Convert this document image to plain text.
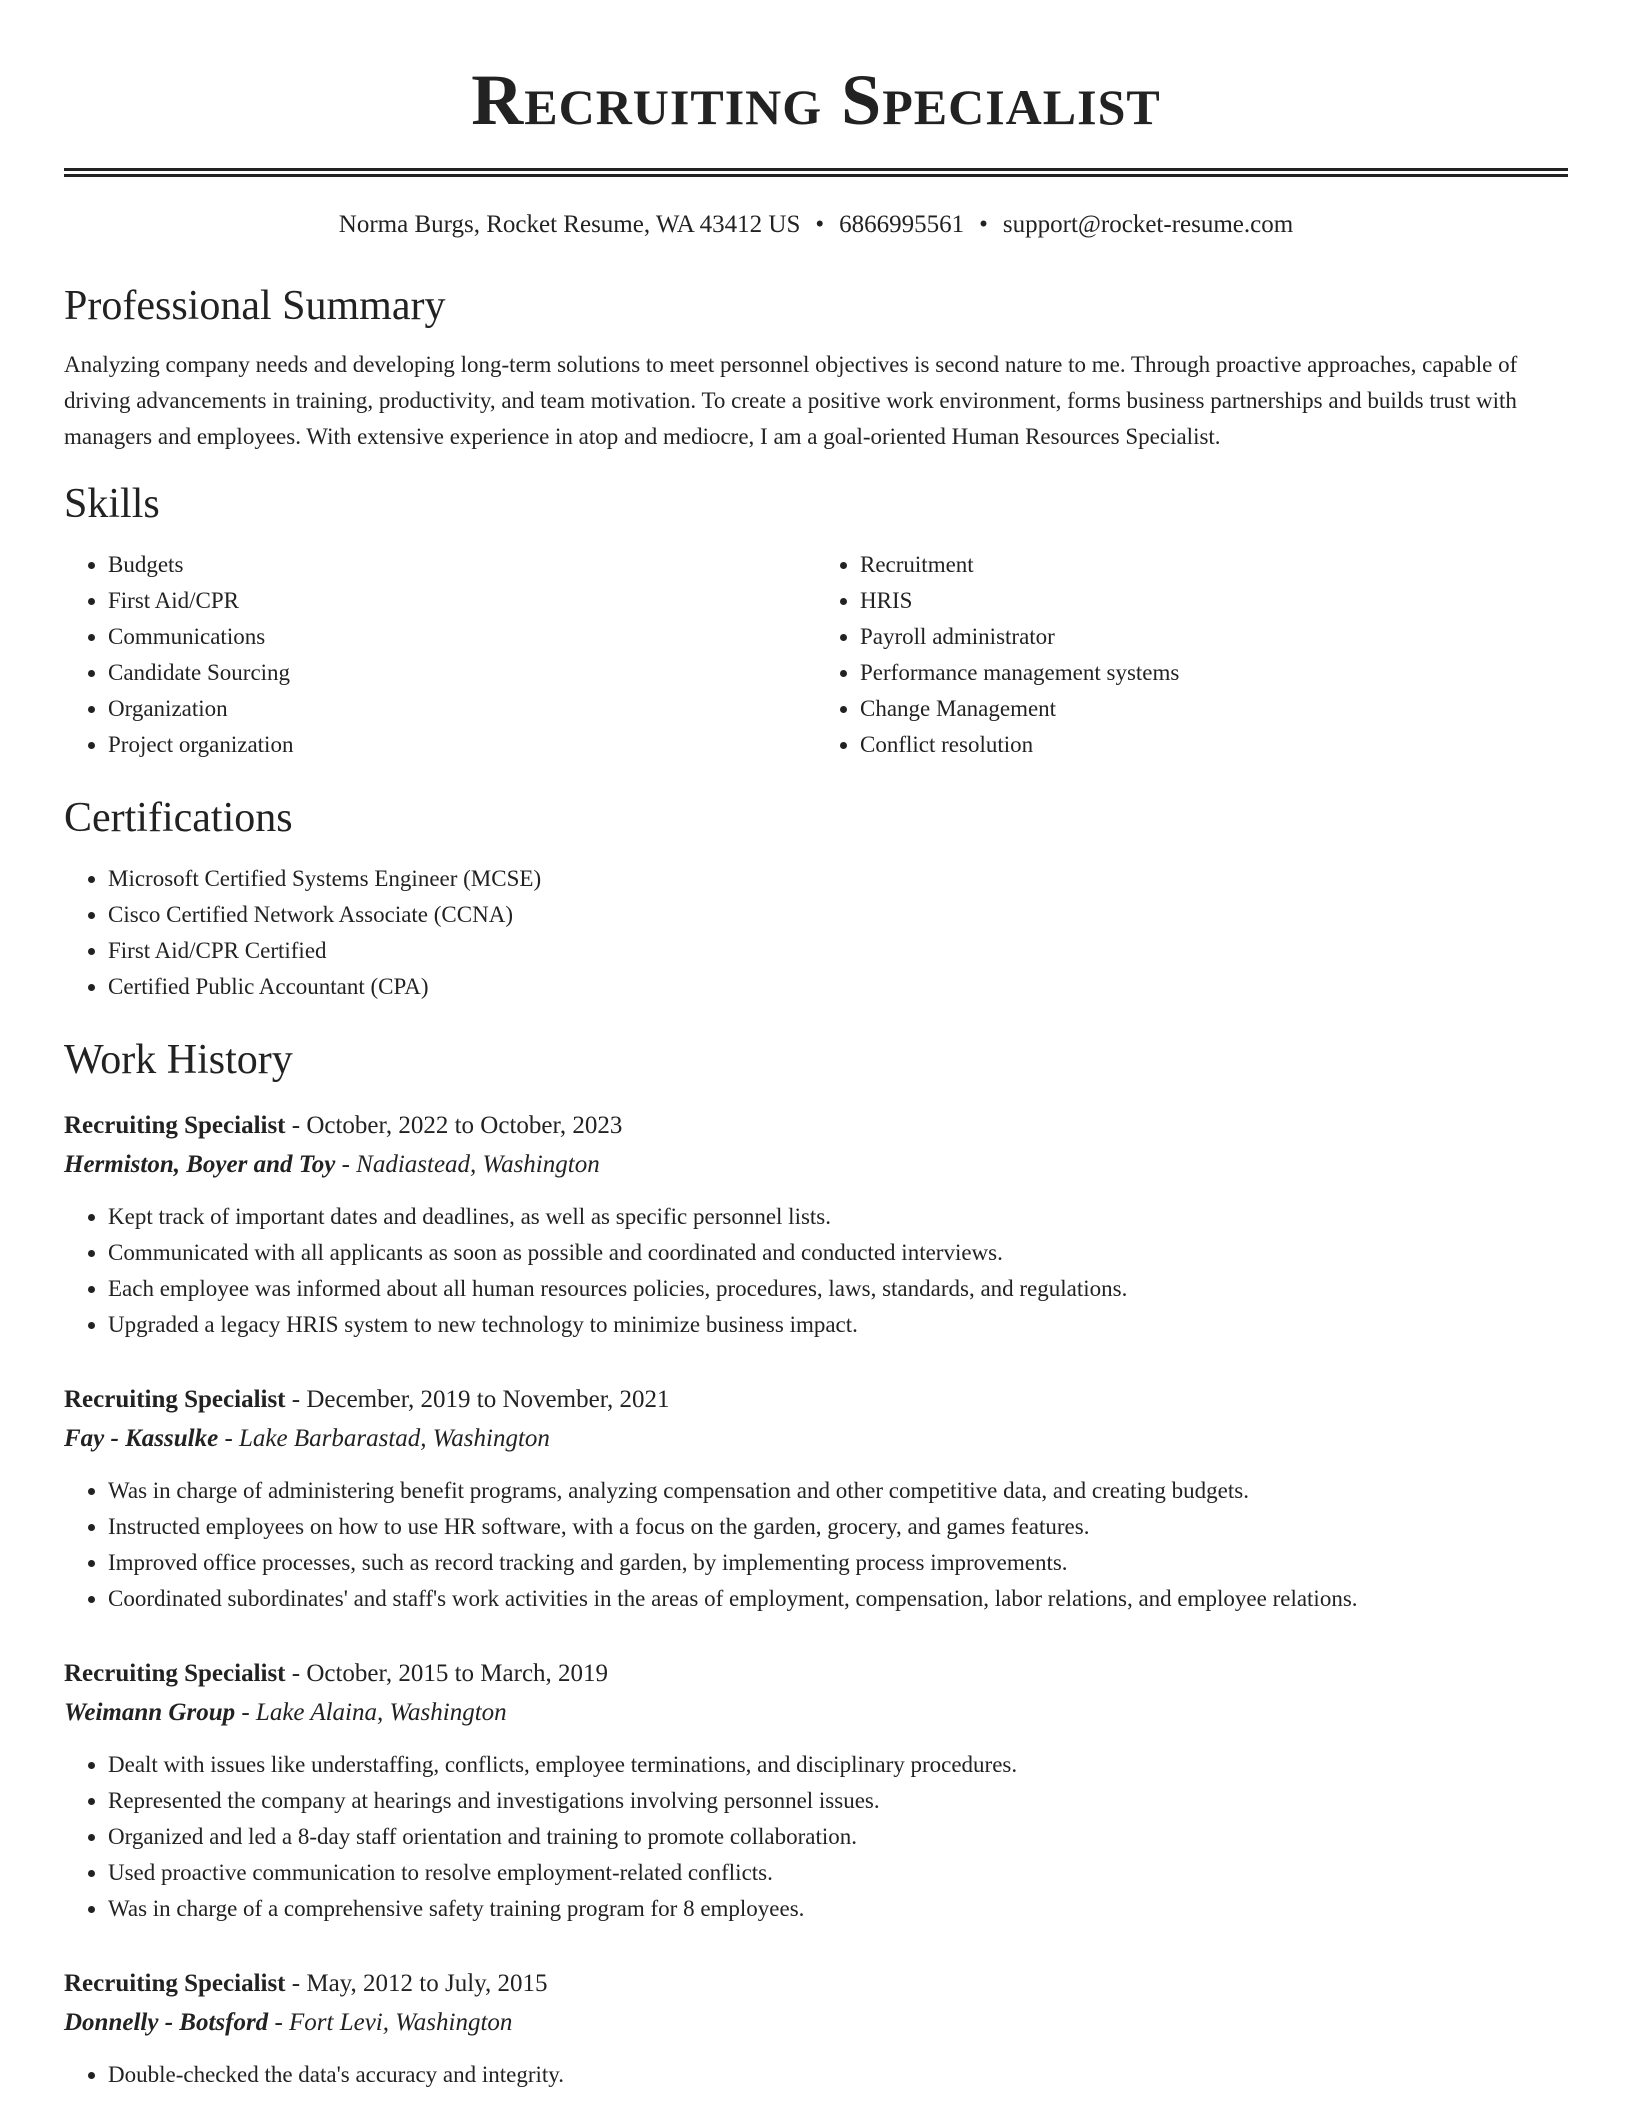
Recruiting Specialist
Norma Burgs, Rocket Resume, WA 43412 US • 6866995561 • support@rocket-resume.com
Professional Summary

Analyzing company needs and developing long-term solutions to meet personnel objectives is second nature to me. Through proactive approaches, capable of driving advancements in training, productivity, and team motivation. To create a positive work environment, forms business partnerships and builds trust with managers and employees. With extensive experience in atop and mediocre, I am a goal-oriented Human Resources Specialist.

Skills
• Budgets
• First Aid/CPR
• Communications
• Candidate Sourcing
• Organization
• Project organization
• Recruitment
• HRIS
• Payroll administrator
• Performance management systems
• Change Management
• Conflict resolution
Certifications
• Microsoft Certified Systems Engineer (MCSE)
• Cisco Certified Network Associate (CCNA)
• First Aid/CPR Certified
• Certified Public Accountant (CPA)
Work History
Recruiting Specialist - October, 2022 to October, 2023
Hermiston, Boyer and Toy - Nadiastead, Washington
• Kept track of important dates and deadlines, as well as specific personnel lists.
• Communicated with all applicants as soon as possible and coordinated and conducted interviews.
• Each employee was informed about all human resources policies, procedures, laws, standards, and regulations.
• Upgraded a legacy HRIS system to new technology to minimize business impact.
Recruiting Specialist - December, 2019 to November, 2021
Fay - Kassulke - Lake Barbarastad, Washington
• Was in charge of administering benefit programs, analyzing compensation and other competitive data, and creating budgets.
• Instructed employees on how to use HR software, with a focus on the garden, grocery, and games features.
• Improved office processes, such as record tracking and garden, by implementing process improvements.
• Coordinated subordinates' and staff's work activities in the areas of employment, compensation, labor relations, and employee relations.
Recruiting Specialist - October, 2015 to March, 2019
Weimann Group - Lake Alaina, Washington
• Dealt with issues like understaffing, conflicts, employee terminations, and disciplinary procedures.
• Represented the company at hearings and investigations involving personnel issues.
• Organized and led a 8-day staff orientation and training to promote collaboration.
• Used proactive communication to resolve employment-related conflicts.
• Was in charge of a comprehensive safety training program for 8 employees.
Recruiting Specialist - May, 2012 to July, 2015
Donnelly - Botsford - Fort Levi, Washington
• Double-checked the data's accuracy and integrity.
